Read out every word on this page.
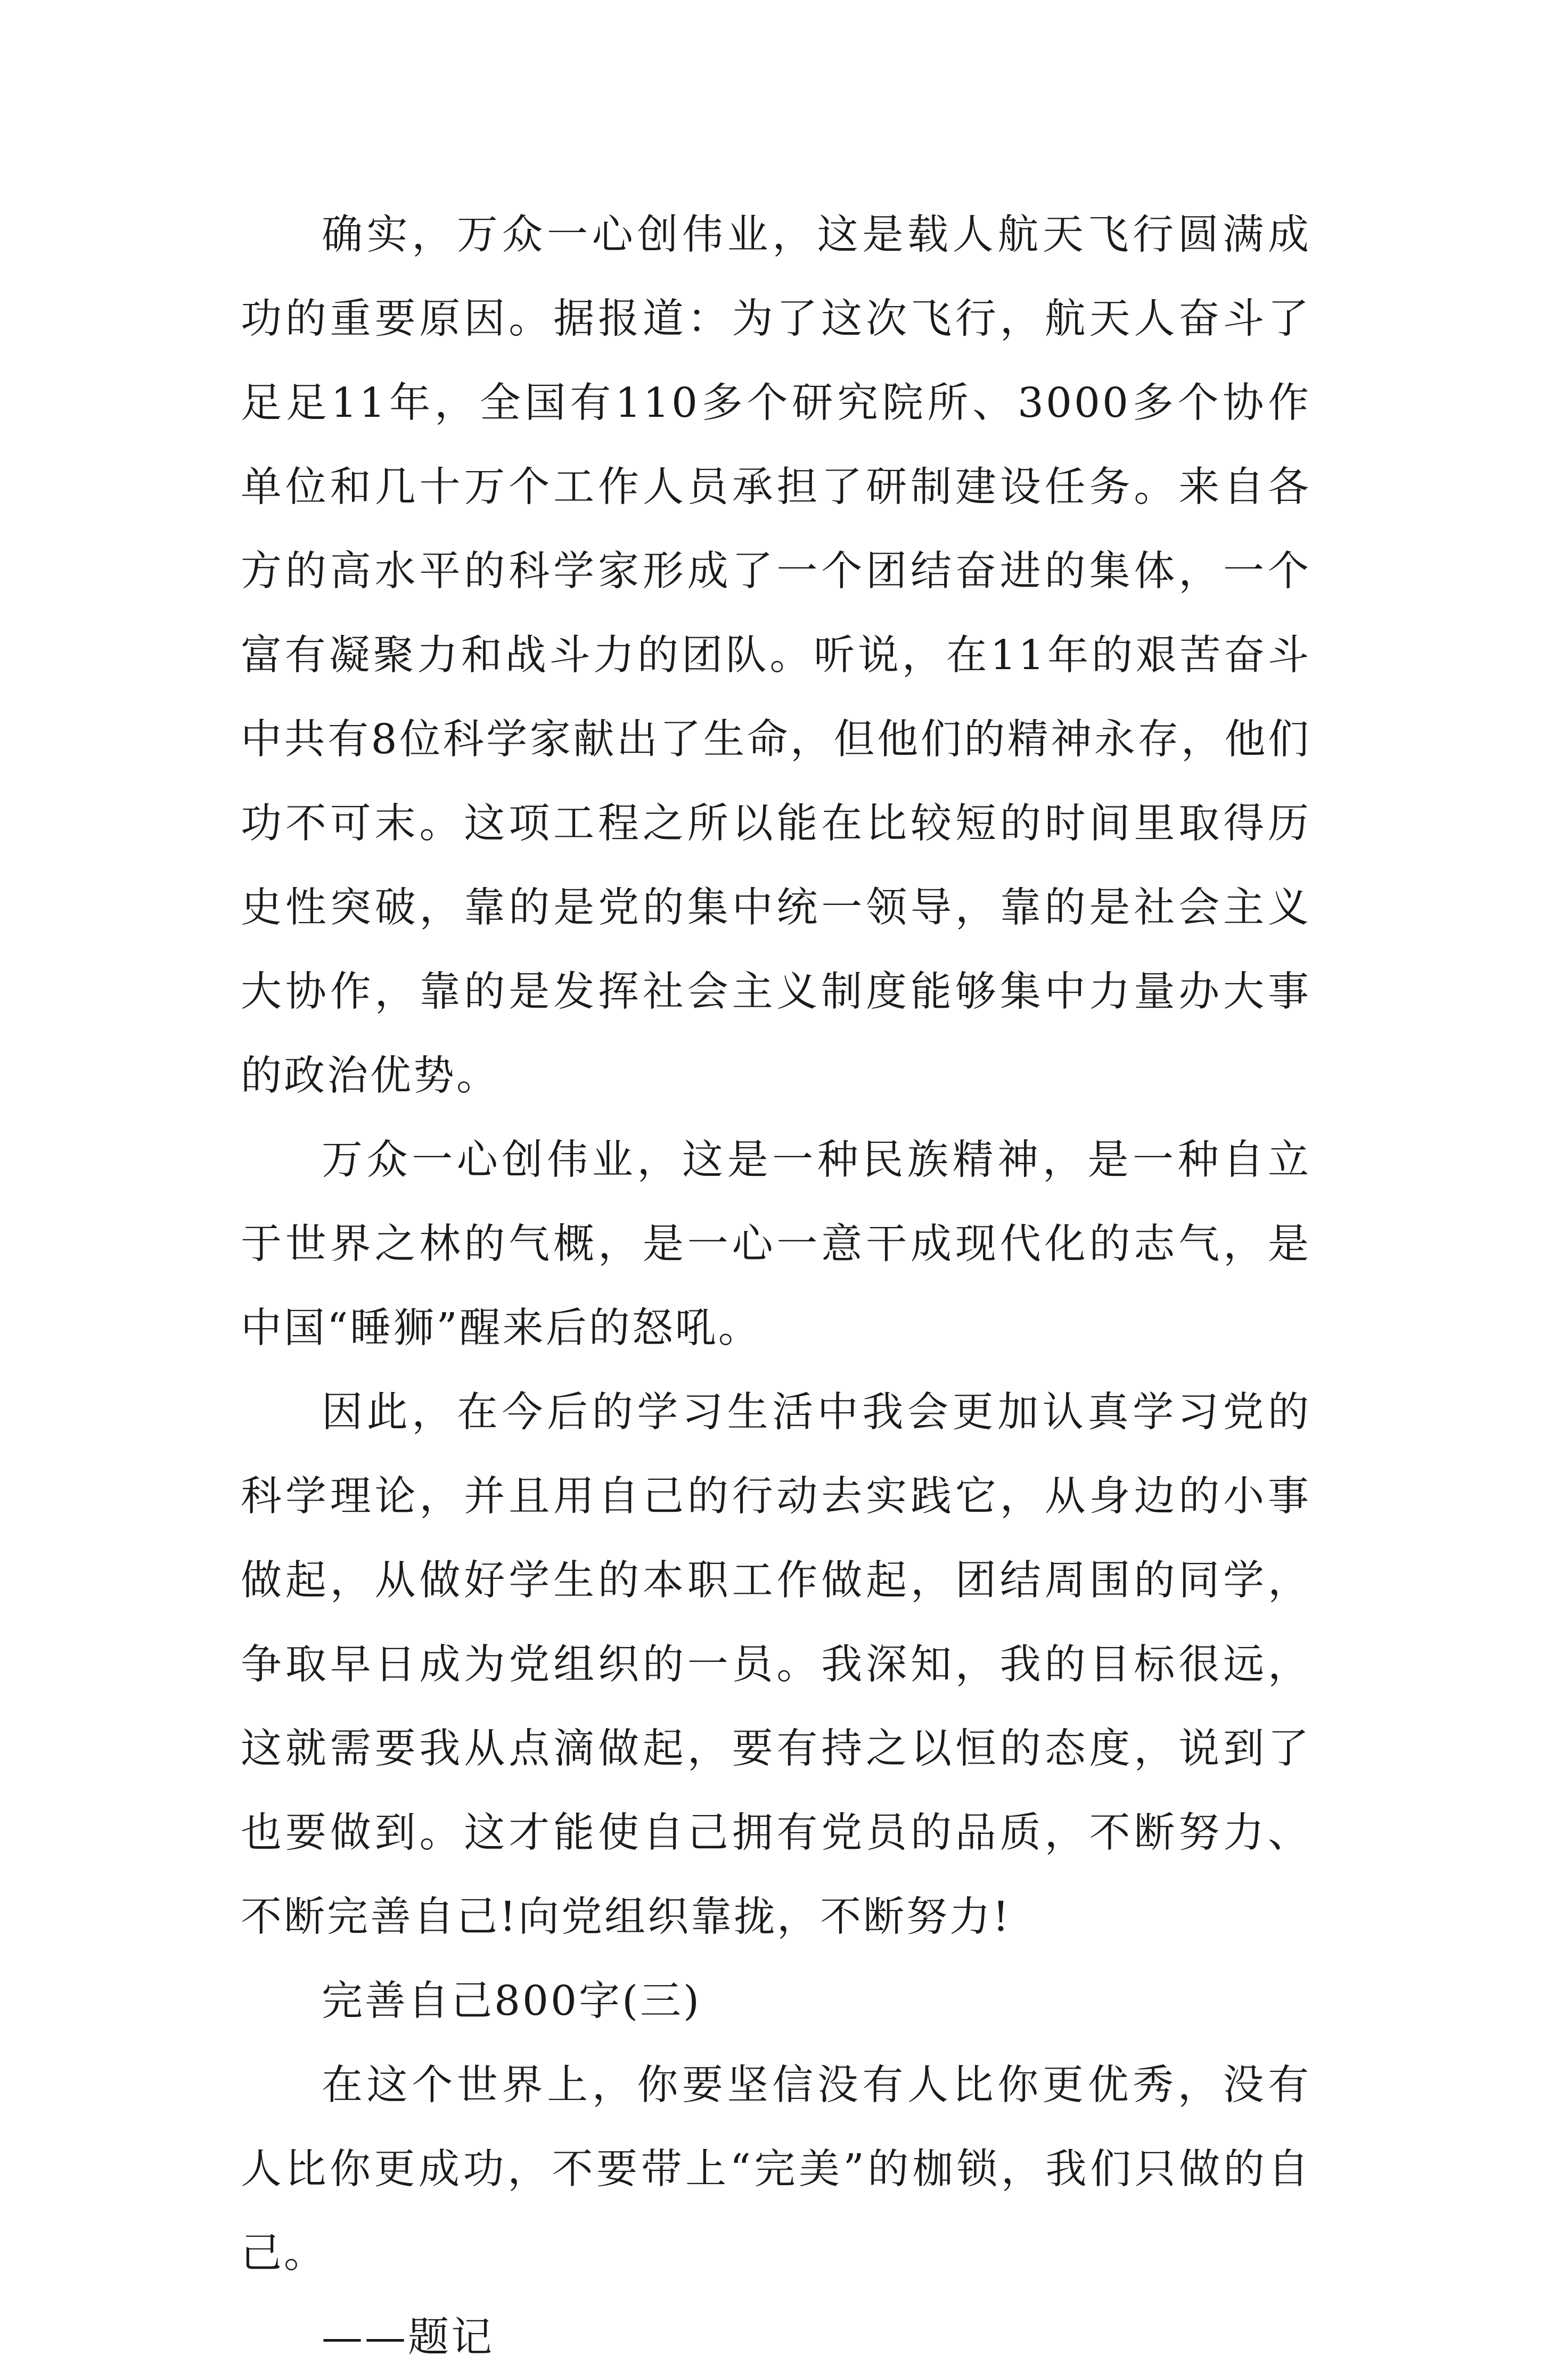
确实，万众一心创伟业，这是载人航天飞行圆满成功的重要原因。据报道：为了这次飞行，航天人奋斗了足足11年，全国有110多个研究院所、3000多个协作单位和几十万个工作人员承担了研制建设任务。来自各方的高水平的科学家形成了一个团结奋进的集体，一个富有凝聚力和战斗力的团队。听说，在11年的艰苦奋斗中共有8位科学家献出了生命，但他们的精神永存，他们功不可末。这项工程之所以能在比较短的时间里取得历史性突破，靠的是党的集中统一领导，靠的是社会主义大协作，靠的是发挥社会主义制度能够集中力量办大事的政治优势。

万众一心创伟业，这是一种民族精神，是一种自立于世界之林的气概，是一心一意干成现代化的志气，是中国“睡狮”醒来后的怒吼。

因此，在今后的学习生活中我会更加认真学习党的科学理论，并且用自己的行动去实践它，从身边的小事做起，从做好学生的本职工作做起，团结周围的同学，争取早日成为党组织的一员。我深知，我的目标很远，这就需要我从点滴做起，要有持之以恒的态度，说到了也要做到。这才能使自己拥有党员的品质，不断努力、不断完善自己!向党组织靠拢，不断努力!

完善自己800字(三)

在这个世界上，你要坚信没有人比你更优秀，没有人比你更成功，不要带上“完美”的枷锁，我们只做的自己。

——题记
